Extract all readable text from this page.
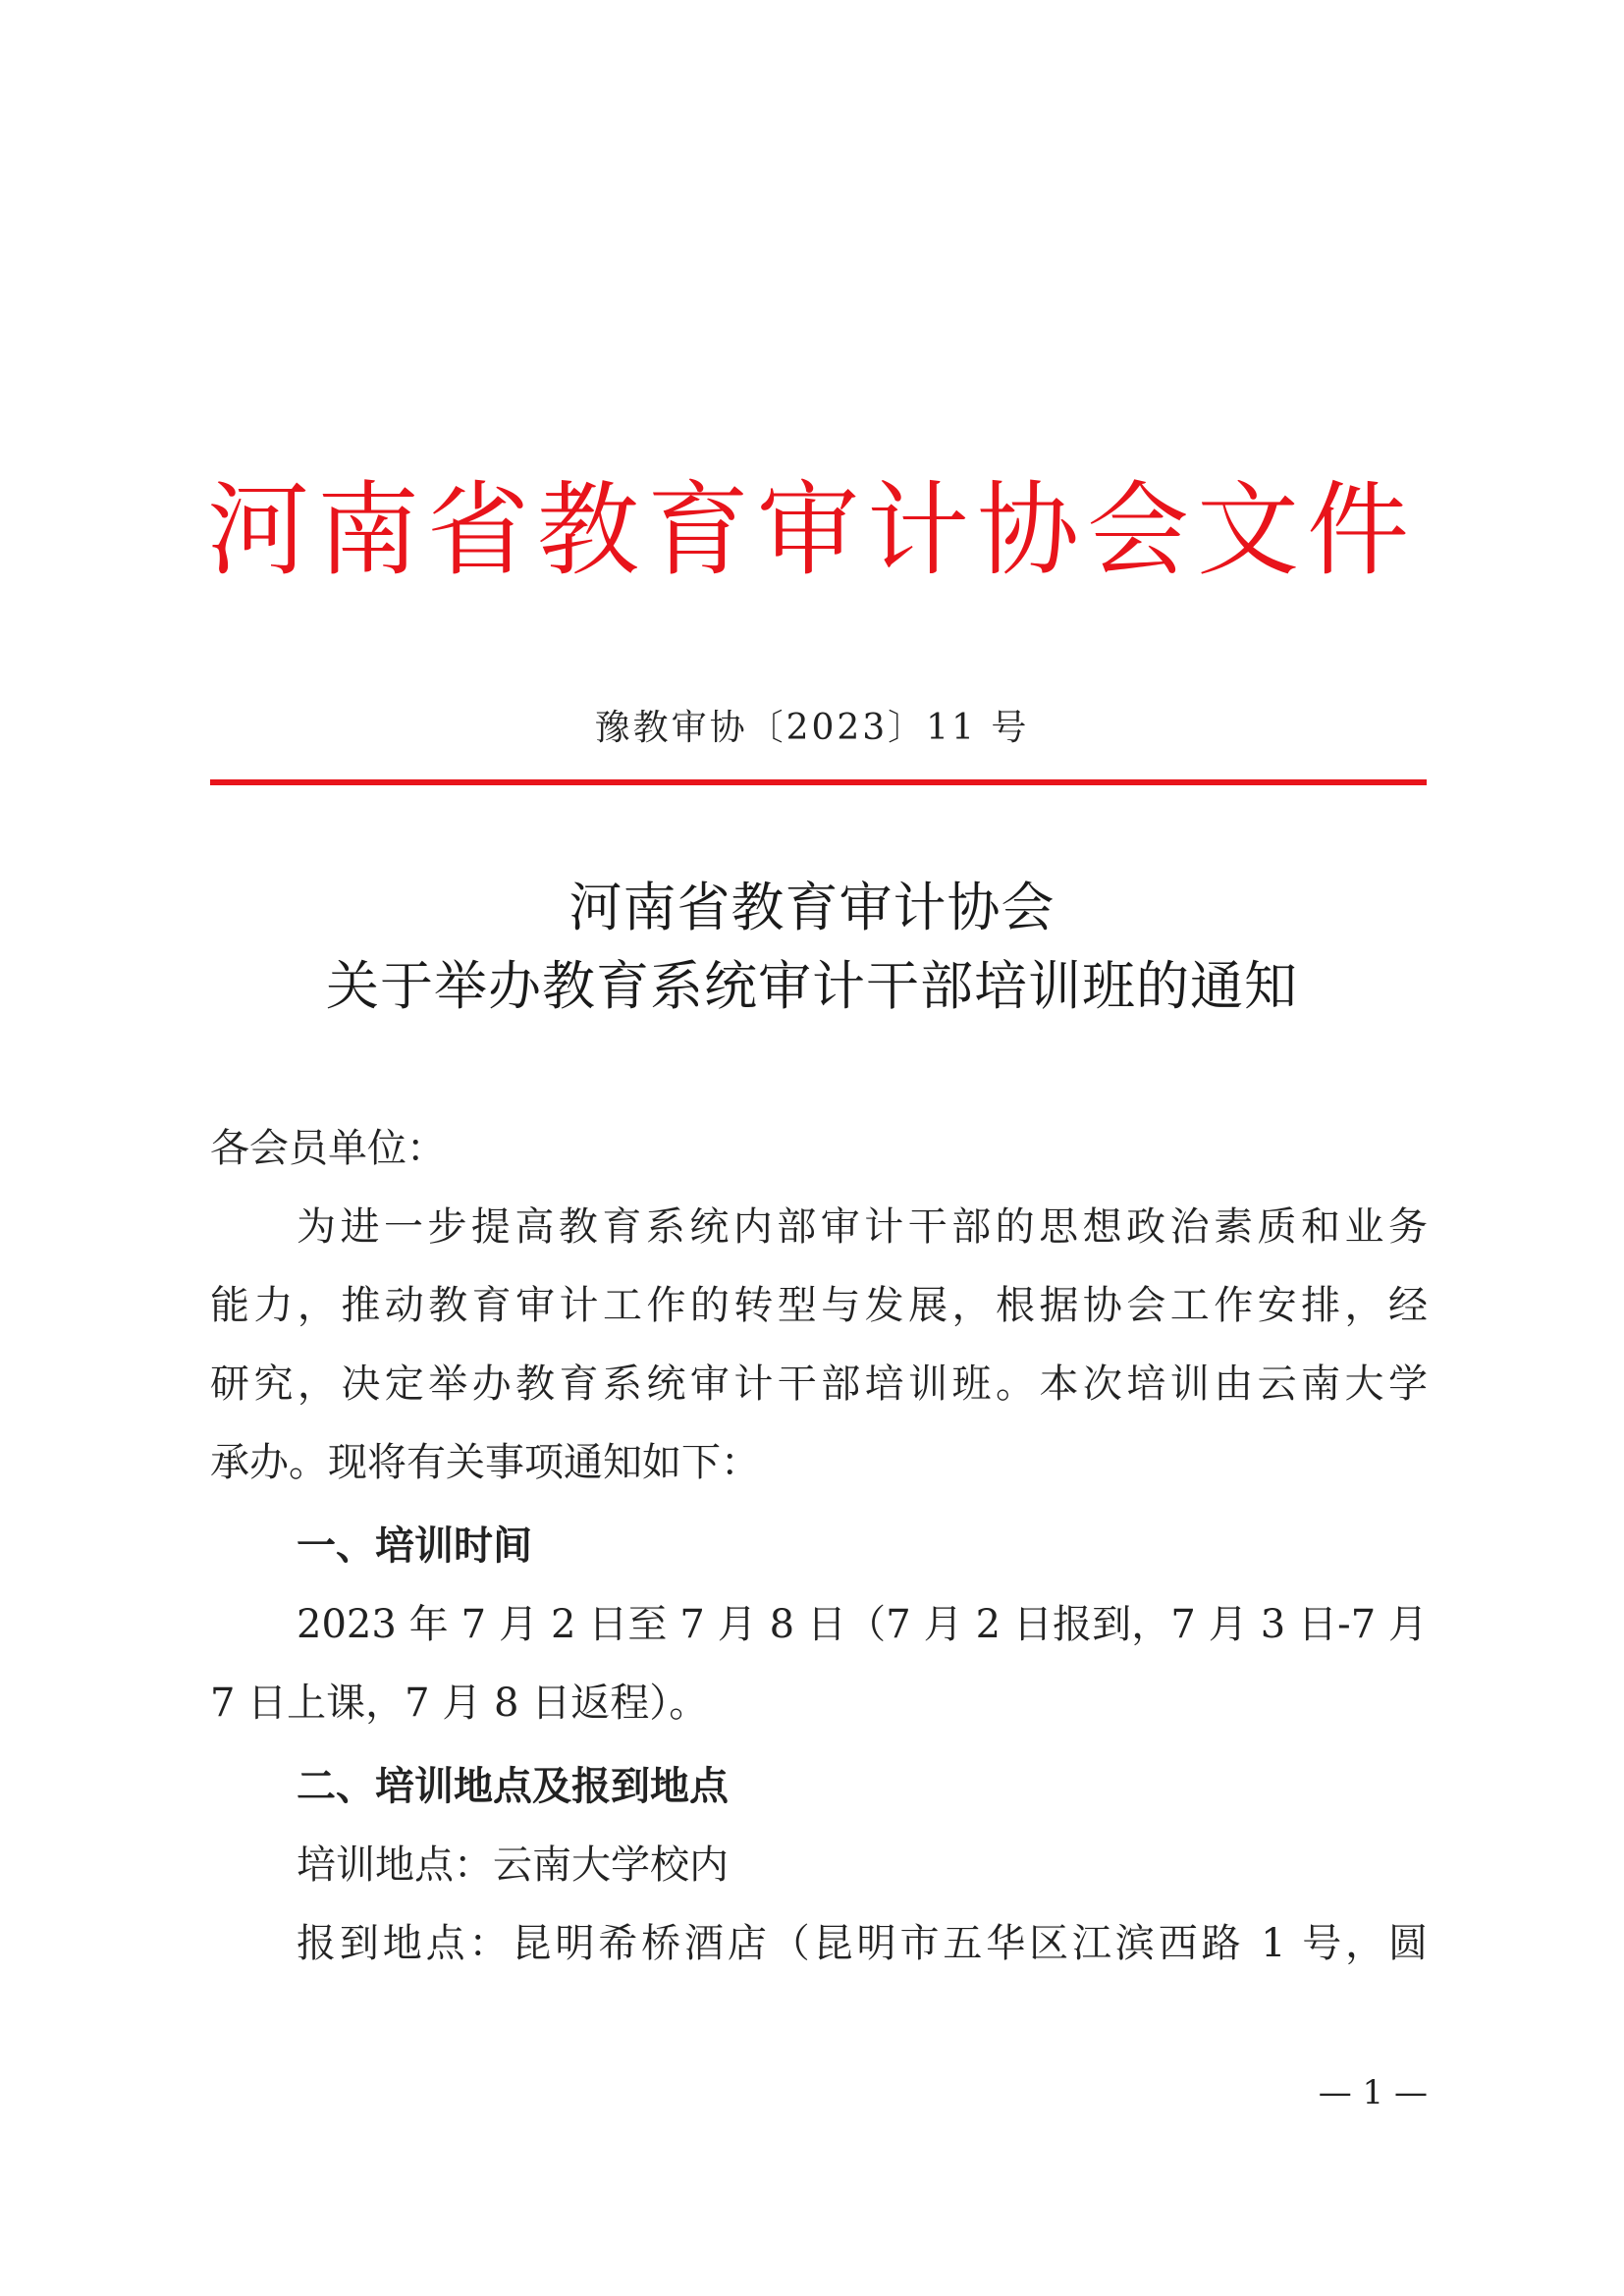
河南省教育审计协会文件
豫教审协〔2023〕11 号
河南省教育审计协会
关于举办教育系统审计干部培训班的通知
各会员单位：
为进一步提高教育系统内部审计干部的思想政治素质和业务
能力，推动教育审计工作的转型与发展，根据协会工作安排，经
研究，决定举办教育系统审计干部培训班。本次培训由云南大学
承办。现将有关事项通知如下：
一、培训时间
2023 年 7 月 2 日至 7 月 8 日（7 月 2 日报到，7 月 3 日-7 月
7 日上课，7 月 8 日返程）。
二、培训地点及报到地点
培训地点：云南大学校内
报到地点：昆明希桥酒店（昆明市五华区江滨西路 1 号，圆
— 1 —
